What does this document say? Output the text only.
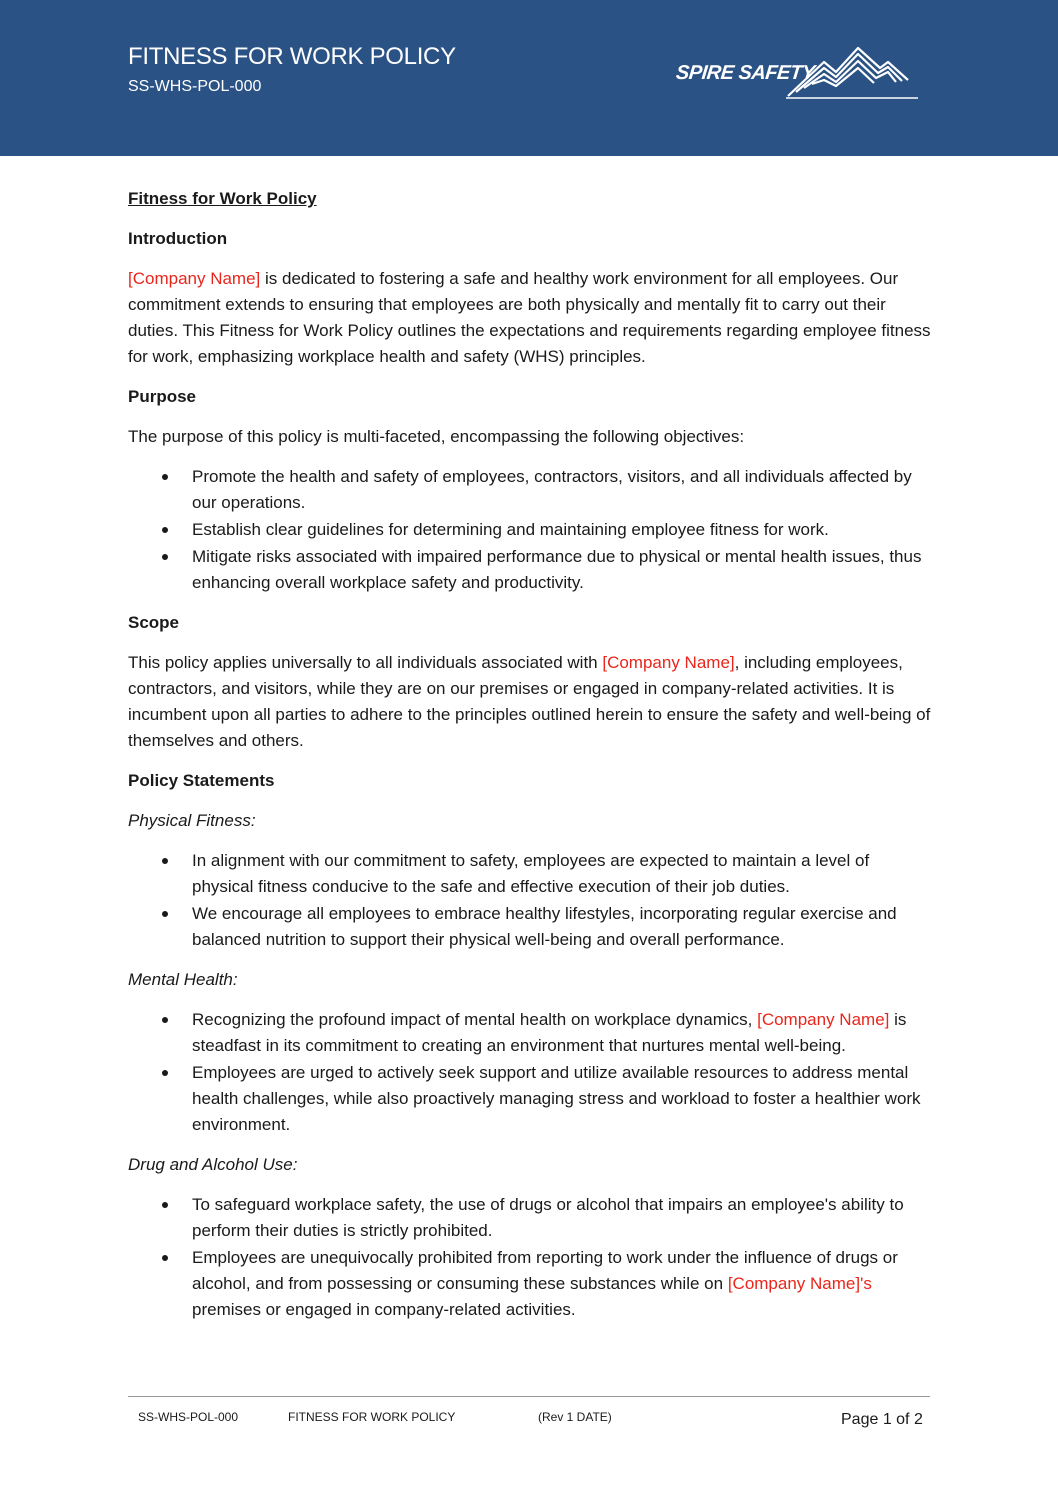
FITNESS FOR WORK POLICY
SS-WHS-POL-000
SPIRE SAFETY
Fitness for Work Policy
Introduction
[Company Name] is dedicated to fostering a safe and healthy work environment for all employees. Our commitment extends to ensuring that employees are both physically and mentally fit to carry out their duties. This Fitness for Work Policy outlines the expectations and requirements regarding employee fitness for work, emphasizing workplace health and safety (WHS) principles.
Purpose
The purpose of this policy is multi-faceted, encompassing the following objectives:
Promote the health and safety of employees, contractors, visitors, and all individuals affected by our operations.
Establish clear guidelines for determining and maintaining employee fitness for work.
Mitigate risks associated with impaired performance due to physical or mental health issues, thus enhancing overall workplace safety and productivity.
Scope
This policy applies universally to all individuals associated with [Company Name], including employees, contractors, and visitors, while they are on our premises or engaged in company-related activities. It is incumbent upon all parties to adhere to the principles outlined herein to ensure the safety and well-being of themselves and others.
Policy Statements
Physical Fitness:
In alignment with our commitment to safety, employees are expected to maintain a level of physical fitness conducive to the safe and effective execution of their job duties.
We encourage all employees to embrace healthy lifestyles, incorporating regular exercise and balanced nutrition to support their physical well-being and overall performance.
Mental Health:
Recognizing the profound impact of mental health on workplace dynamics, [Company Name] is steadfast in its commitment to creating an environment that nurtures mental well-being.
Employees are urged to actively seek support and utilize available resources to address mental health challenges, while also proactively managing stress and workload to foster a healthier work environment.
Drug and Alcohol Use:
To safeguard workplace safety, the use of drugs or alcohol that impairs an employee's ability to perform their duties is strictly prohibited.
Employees are unequivocally prohibited from reporting to work under the influence of drugs or alcohol, and from possessing or consuming these substances while on [Company Name]'s premises or engaged in company-related activities.
SS-WHS-POL-000	FITNESS FOR WORK POLICY	(Rev 1 DATE)	Page 1 of 2
